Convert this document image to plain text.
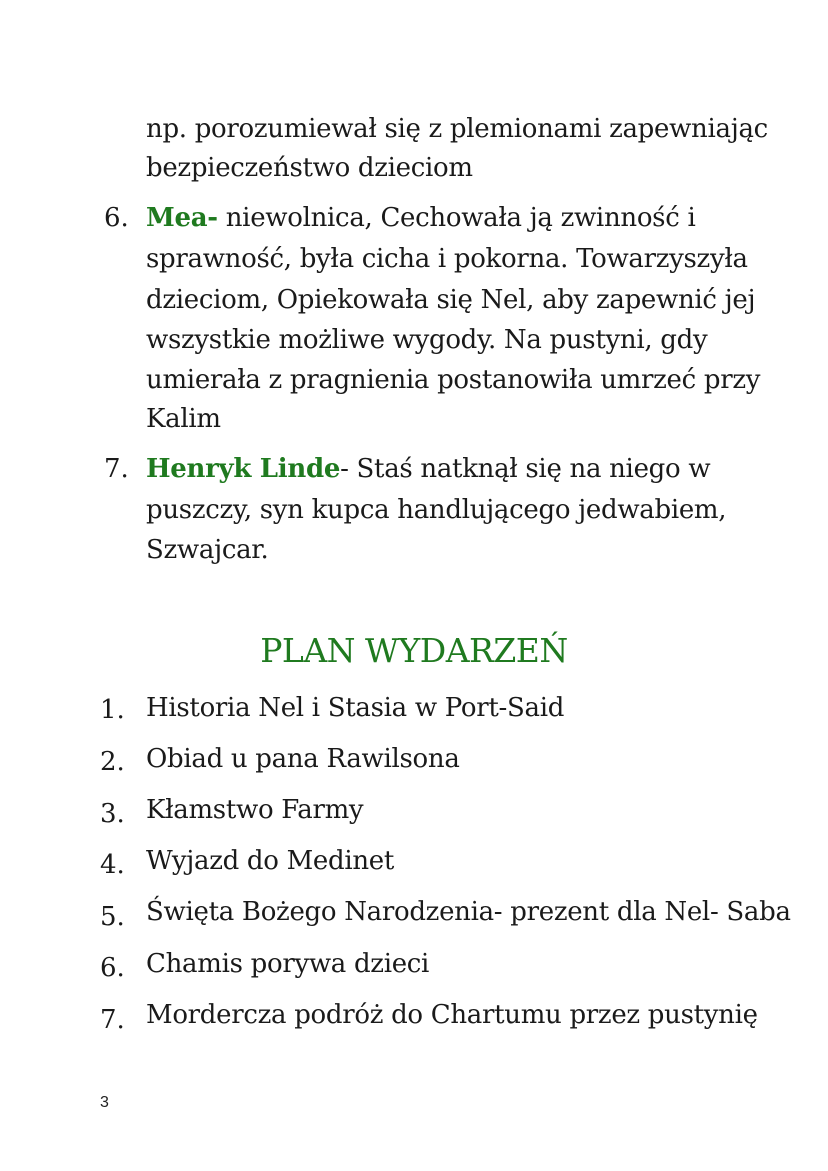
np. porozumiewał się z plemionami zapewniając
bezpieczeństwo dzieciom
6. Mea- niewolnica, Cechowała ją zwinność i
sprawność, była cicha i pokorna. Towarzyszyła
dzieciom, Opiekowała się Nel, aby zapewnić jej
wszystkie możliwe wygody. Na pustyni, gdy
umierała z pragnienia postanowiła umrzeć przy
Kalim
7. Henryk Linde- Staś natknął się na niego w
puszczy, syn kupca handlującego jedwabiem,
Szwajcar.
PLAN WYDARZEŃ
1. Historia Nel i Stasia w Port-Said
2. Obiad u pana Rawilsona
3. Kłamstwo Farmy
4. Wyjazd do Medinet
5. Święta Bożego Narodzenia- prezent dla Nel- Saba
6. Chamis porywa dzieci
7. Mordercza podróż do Chartumu przez pustynię
3
